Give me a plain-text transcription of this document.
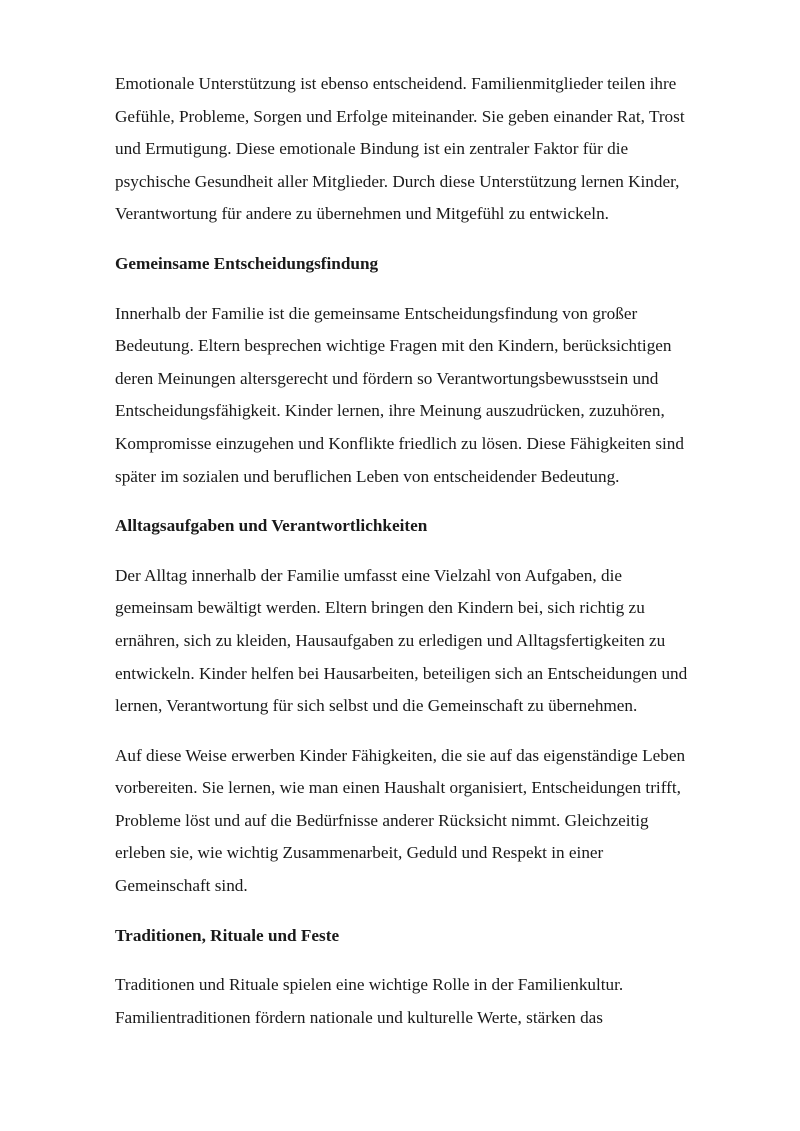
Emotionale Unterstützung ist ebenso entscheidend. Familienmitglieder teilen ihre
Gefühle, Probleme, Sorgen und Erfolge miteinander. Sie geben einander Rat, Trost
und Ermutigung. Diese emotionale Bindung ist ein zentraler Faktor für die
psychische Gesundheit aller Mitglieder. Durch diese Unterstützung lernen Kinder,
Verantwortung für andere zu übernehmen und Mitgefühl zu entwickeln.
Gemeinsame Entscheidungsfindung
Innerhalb der Familie ist die gemeinsame Entscheidungsfindung von großer
Bedeutung. Eltern besprechen wichtige Fragen mit den Kindern, berücksichtigen
deren Meinungen altersgerecht und fördern so Verantwortungsbewusstsein und
Entscheidungsfähigkeit. Kinder lernen, ihre Meinung auszudrücken, zuzuhören,
Kompromisse einzugehen und Konflikte friedlich zu lösen. Diese Fähigkeiten sind
später im sozialen und beruflichen Leben von entscheidender Bedeutung.
Alltagsaufgaben und Verantwortlichkeiten
Der Alltag innerhalb der Familie umfasst eine Vielzahl von Aufgaben, die
gemeinsam bewältigt werden. Eltern bringen den Kindern bei, sich richtig zu
ernähren, sich zu kleiden, Hausaufgaben zu erledigen und Alltagsfertigkeiten zu
entwickeln. Kinder helfen bei Hausarbeiten, beteiligen sich an Entscheidungen und
lernen, Verantwortung für sich selbst und die Gemeinschaft zu übernehmen.
Auf diese Weise erwerben Kinder Fähigkeiten, die sie auf das eigenständige Leben
vorbereiten. Sie lernen, wie man einen Haushalt organisiert, Entscheidungen trifft,
Probleme löst und auf die Bedürfnisse anderer Rücksicht nimmt. Gleichzeitig
erleben sie, wie wichtig Zusammenarbeit, Geduld und Respekt in einer
Gemeinschaft sind.
Traditionen, Rituale und Feste
Traditionen und Rituale spielen eine wichtige Rolle in der Familienkultur.
Familientraditionen fördern nationale und kulturelle Werte, stärken das
